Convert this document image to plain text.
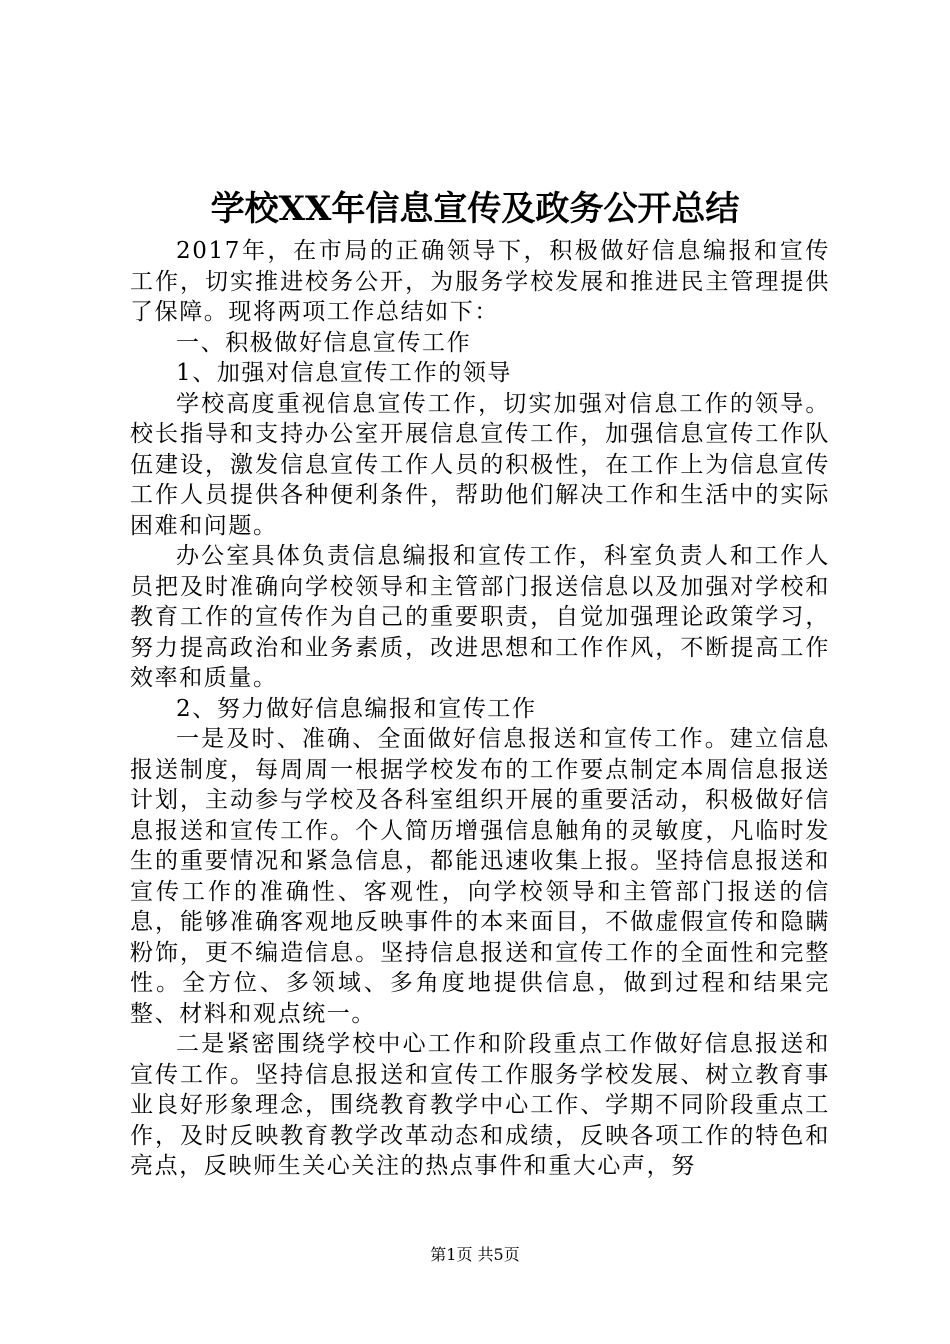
学校XX年信息宣传及政务公开总结

2017年，在市局的正确领导下，积极做好信息编报和宣传工作，切实推进校务公开，为服务学校发展和推进民主管理提供了保障。现将两项工作总结如下：

一、积极做好信息宣传工作

1、加强对信息宣传工作的领导

学校高度重视信息宣传工作，切实加强对信息工作的领导。校长指导和支持办公室开展信息宣传工作，加强信息宣传工作队伍建设，激发信息宣传工作人员的积极性，在工作上为信息宣传工作人员提供各种便利条件，帮助他们解决工作和生活中的实际困难和问题。

办公室具体负责信息编报和宣传工作，科室负责人和工作人员把及时准确向学校领导和主管部门报送信息以及加强对学校和教育工作的宣传作为自己的重要职责，自觉加强理论政策学习，努力提高政治和业务素质，改进思想和工作作风，不断提高工作效率和质量。

2、努力做好信息编报和宣传工作

一是及时、准确、全面做好信息报送和宣传工作。建立信息报送制度，每周周一根据学校发布的工作要点制定本周信息报送计划，主动参与学校及各科室组织开展的重要活动，积极做好信息报送和宣传工作。个人简历增强信息触角的灵敏度，凡临时发生的重要情况和紧急信息，都能迅速收集上报。坚持信息报送和宣传工作的准确性、客观性，向学校领导和主管部门报送的信息，能够准确客观地反映事件的本来面目，不做虚假宣传和隐瞒粉饰，更不编造信息。坚持信息报送和宣传工作的全面性和完整性。全方位、多领域、多角度地提供信息，做到过程和结果完整、材料和观点统一。

二是紧密围绕学校中心工作和阶段重点工作做好信息报送和宣传工作。坚持信息报送和宣传工作服务学校发展、树立教育事业良好形象理念，围绕教育教学中心工作、学期不同阶段重点工作，及时反映教育教学改革动态和成绩，反映各项工作的特色和亮点，反映师生关心关注的热点事件和重大心声，努

第1页 共5页
